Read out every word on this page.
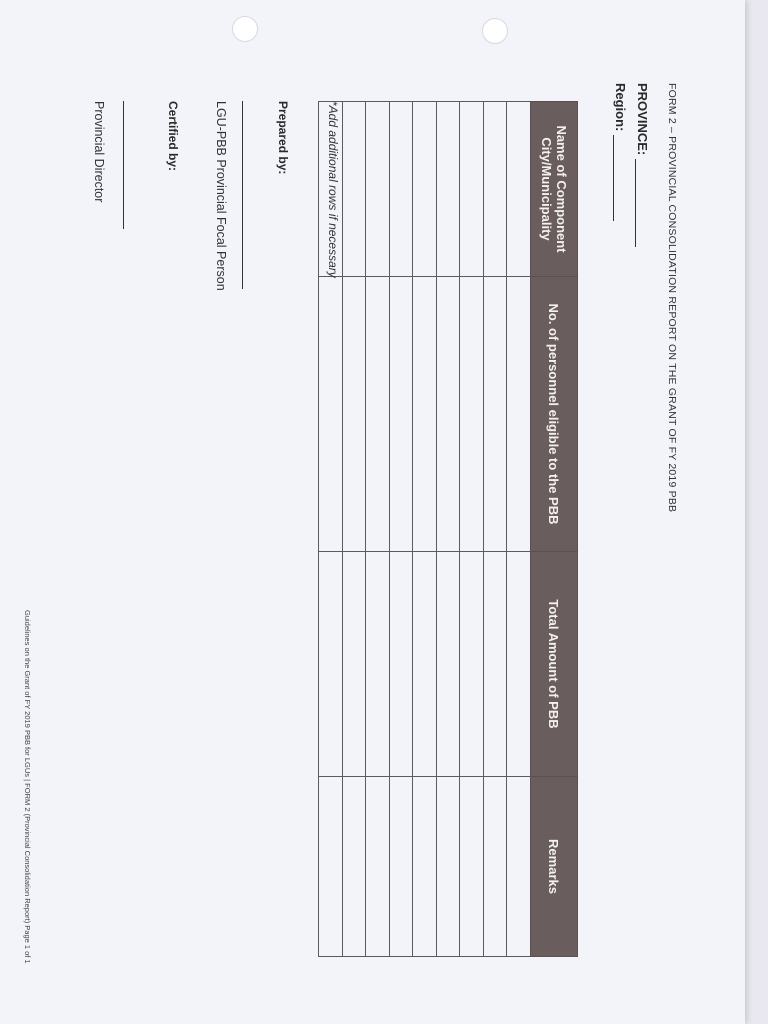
FORM 2 – PROVINCIAL CONSOLIDATION REPORT ON THE GRANT OF FY 2019 PBB
PROVINCE:
Region:
Name of Component City/Municipality	No. of personnel eligible to the PBB	Total Amount of PBB	Remarks

*Add additional rows if necessary
Prepared by:
LGU-PBB Provincial Focal Person
Certified by:
Provincial Director
Guidelines on the Grant of FY 2019 PBB for LGUs | FORM 2 (Provincial Consolidation Report) Page 1 of 1
